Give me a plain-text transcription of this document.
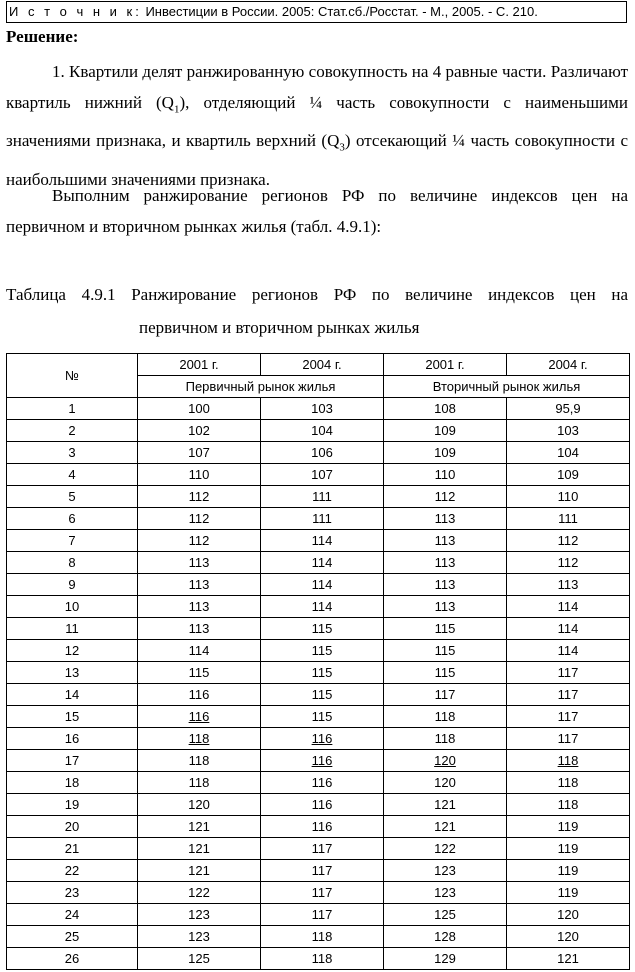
И с т о ч н и к: Инвестиции в России. 2005: Стат.сб./Росстат. - М., 2005. - С. 210.
Решение:

1. Квартили делят ранжированную совокупность на 4 равные части. Различают квартиль нижний $(Q_1)$, отделяющий ¼ часть совокупности с наименьшими значениями признака, и квартиль верхний $(Q_3)$ отсекающий ¼ часть совокупности с наибольшими значениями признака.

Выполним ранжирование регионов РФ по величине индексов цен на первичном и вторичном рынках жилья (табл. 4.9.1):

Таблица 4.9.1 Ранжирование регионов РФ по величине индексов цен на

первичном и вторичном рынках жилья

№	2001 г.	2004 г.	2001 г.	2004 г.
	Первичный рынок жилья		Вторичный рынок жилья	
1	100	103	108	95,9
2	102	104	109	103
3	107	106	109	104
4	110	107	110	109
5	112	111	112	110
6	112	111	113	111
7	112	114	113	112
8	113	114	113	112
9	113	114	113	113
10	113	114	113	114
11	113	115	115	114
12	114	115	115	114
13	115	115	115	117
14	116	115	117	117
15	116	115	118	117
16	118	116	118	117
17	118	116	120	118
18	118	116	120	118
19	120	116	121	118
20	121	116	121	119
21	121	117	122	119
22	121	117	123	119
23	122	117	123	119
24	123	117	125	120
25	123	118	128	120
26	125	118	129	121
